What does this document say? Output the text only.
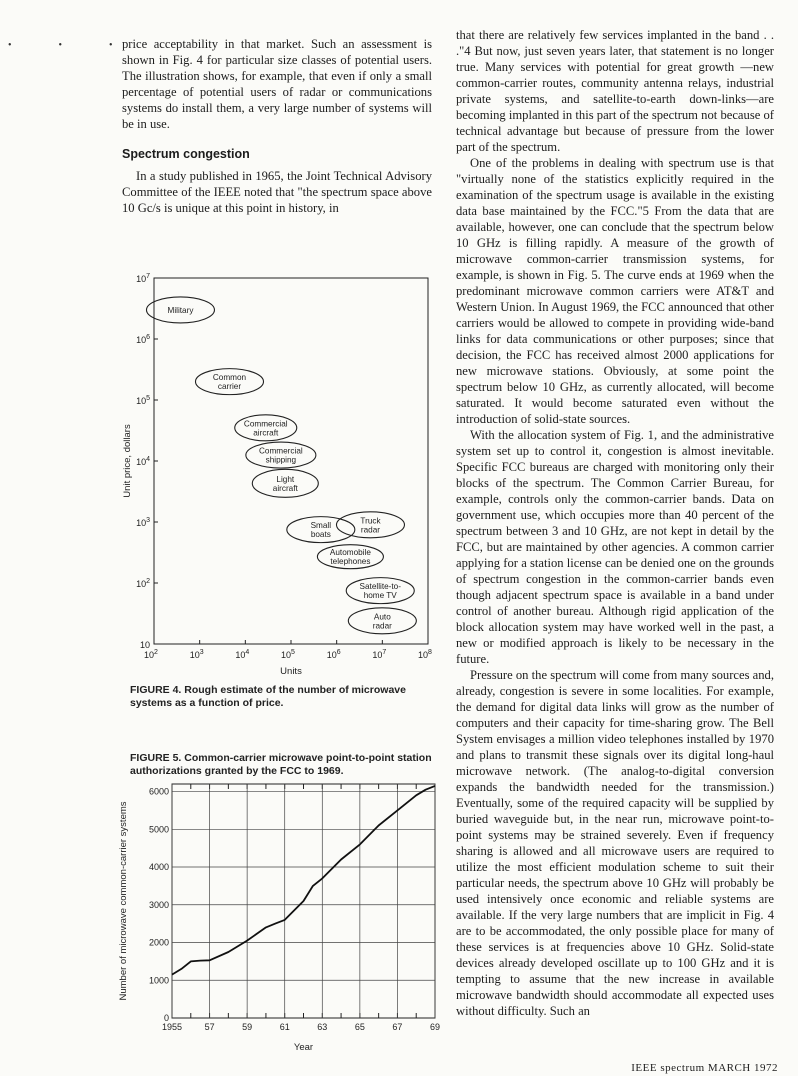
•  •  •

price acceptability in that market. Such an assessment is shown in Fig. 4 for particular size classes of potential users. The illustration shows, for example, that even if only a small percentage of potential users of radar or communications systems do install them, a very large number of systems will be in use.

Spectrum congestion

In a study published in 1965, the Joint Technical Advisory Committee of the IEEE noted that "the spectrum space above 10 Gc/s is unique at this point in history, in

that there are relatively few services implanted in the band . . ."4 But now, just seven years later, that statement is no longer true. Many services with potential for great growth —new common-carrier routes, community antenna relays, industrial private systems, and satellite-to-earth down-links—are becoming implanted in this part of the spectrum not because of technical advantage but because of pressure from the lower part of the spectrum.

One of the problems in dealing with spectrum use is that "virtually none of the statistics explicitly required in the examination of the spectrum usage is available in the existing data base maintained by the FCC."5 From the data that are available, however, one can conclude that the spectrum below 10 GHz is filling rapidly. A measure of the growth of microwave common-carrier transmission systems, for example, is shown in Fig. 5. The curve ends at 1969 when the predominant microwave common carriers were AT&T and Western Union. In August 1969, the FCC announced that other carriers would be allowed to compete in providing wide-band links for data communications or other purposes; since that decision, the FCC has received almost 2000 applications for new microwave stations. Obviously, at some point the spectrum below 10 GHz, as currently allocated, will become saturated. It would become saturated even without the introduction of solid-state sources.

With the allocation system of Fig. 1, and the administrative system set up to control it, congestion is almost inevitable. Specific FCC bureaus are charged with monitoring only their blocks of the spectrum. The Common Carrier Bureau, for example, controls only the common-carrier bands. Data on government use, which occupies more than 40 percent of the spectrum between 3 and 10 GHz, are not kept in detail by the FCC, but are maintained by other agencies. A common carrier applying for a station license can be denied one on the grounds of spectrum congestion in the common-carrier bands even though adjacent spectrum space is available in a band under control of another bureau. Although rigid application of the block allocation system may have worked well in the past, a new or modified approach is likely to be necessary in the future.

Pressure on the spectrum will come from many sources and, already, congestion is severe in some localities. For example, the demand for digital data links will grow as the number of computers and their capacity for time-sharing grow. The Bell System envisages a million video telephones installed by 1970 and plans to transmit these signals over its digital long-haul microwave network. (The analog-to-digital conversion expands the bandwidth needed for the transmission.) Eventually, some of the required capacity will be supplied by buried waveguide but, in the near run, microwave point-to-point systems may be strained severely. Even if frequency sharing is allowed and all microwave users are required to utilize the most efficient modulation scheme to suit their particular needs, the spectrum above 10 GHz will probably be used intensively once economic and reliable systems are available. If the very large numbers that are implicit in Fig. 4 are to be accommodated, the only possible place for many of these services is at frequencies above 10 GHz. Solid-state devices already developed oscillate up to 100 GHz and it is tempting to assume that the new increase in available microwave bandwidth should accommodate all expected uses without difficulty. Such an

10
$10^2$
$10^3$
$10^4$
$10^5$
$10^6$
$10^7$
$10^2$	$10^3$	$10^4$	$10^5$	$10^6$	$10^7$	$10^8$
Units
Unit price, dollars
Military
Common
carrier
Commercial
aircraft
Commercial
shipping
Light
aircraft
Small
boats
Truck
radar
Automobile
telephones
Satellite-to-
home TV
Auto
radar
FIGURE 4. Rough estimate of the number of microwave systems as a function of price.
FIGURE 5. Common-carrier microwave point-to-point station authorizations granted by the FCC to 1969.
0
1000
2000
3000
4000
5000
6000
1955	57	59	61	63	65	67	69
Year
Number of microwave common-carrier systems
IEEE spectrum MARCH 1972
